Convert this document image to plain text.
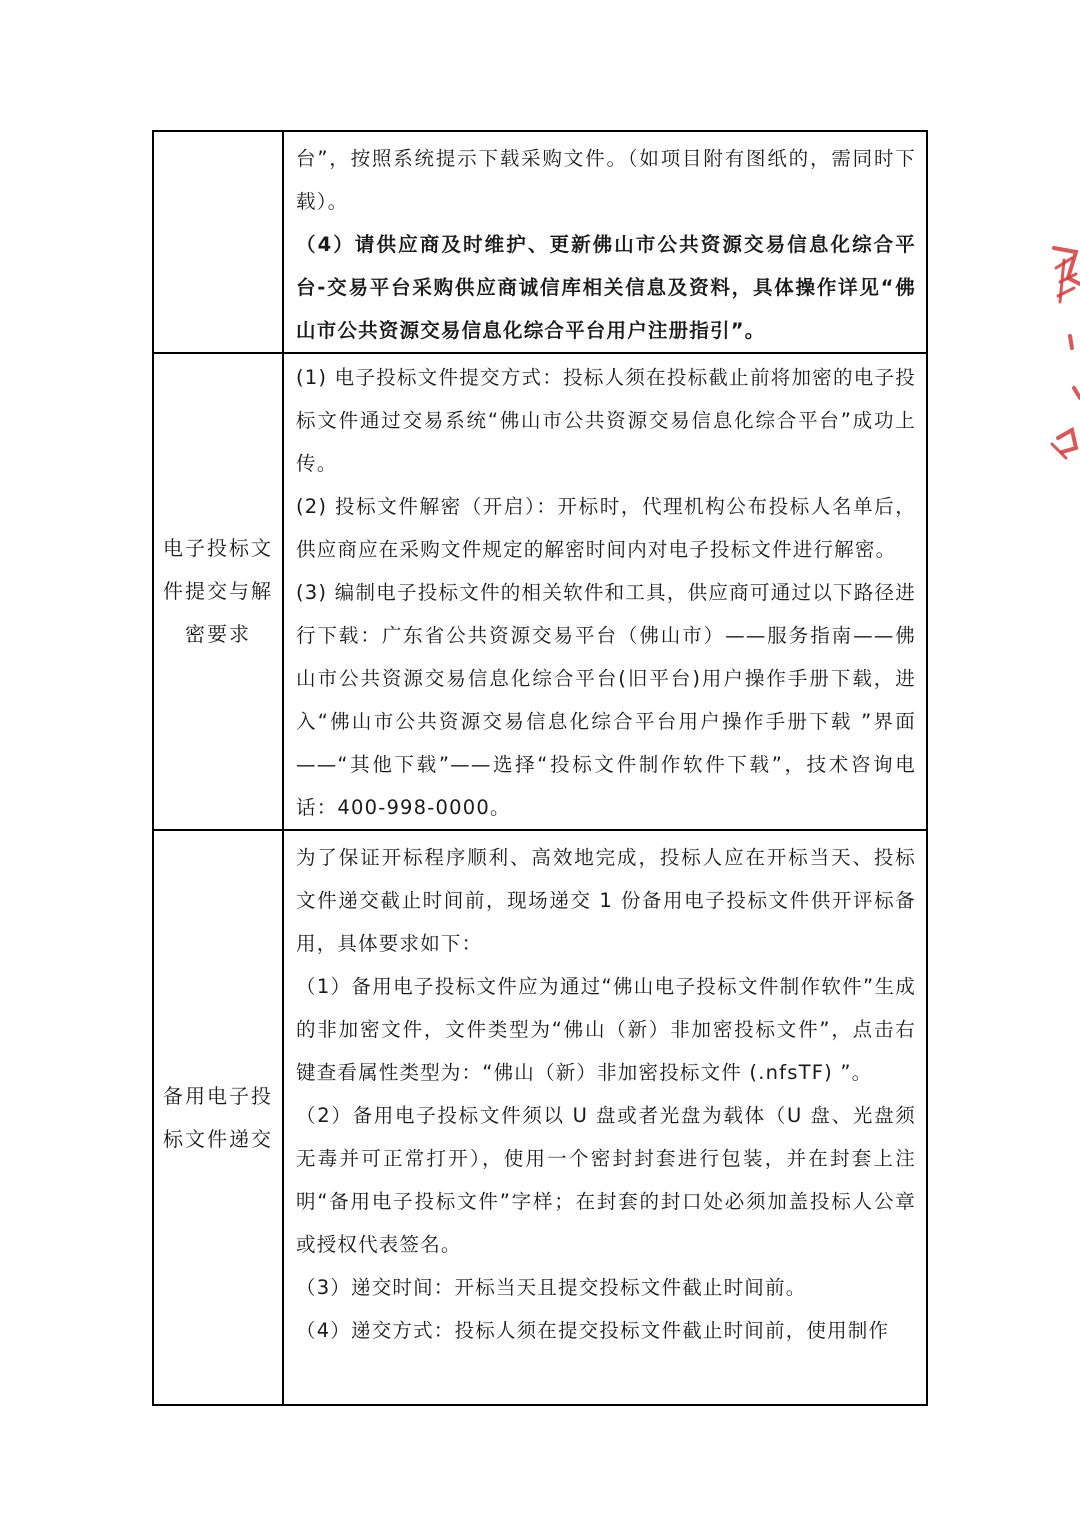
	台”，按照系统提示下载采购文件。（如项目附有图纸的，需同时下载）。

（4）请供应商及时维护、更新佛山市公共资源交易信息化综合平台-交易平台采购供应商诚信库相关信息及资料，具体操作详见“佛山市公共资源交易信息化综合平台用户注册指引”。

电子投标文件提交与解密要求	(1) 电子投标文件提交方式：投标人须在投标截止前将加密的电子投标文件通过交易系统“佛山市公共资源交易信息化综合平台”成功上传。

(2) 投标文件解密（开启）：开标时，代理机构公布投标人名单后，供应商应在采购文件规定的解密时间内对电子投标文件进行解密。

(3) 编制电子投标文件的相关软件和工具，供应商可通过以下路径进行下载：广东省公共资源交易平台（佛山市）——服务指南——佛山市公共资源交易信息化综合平台(旧平台)用户操作手册下载，进入“佛山市公共资源交易信息化综合平台用户操作手册下载 ”界面——“其他下载”——选择“投标文件制作软件下载”，技术咨询电话：400-998-0000。

备用电子投标文件递交	为了保证开标程序顺利、高效地完成，投标人应在开标当天、投标文件递交截止时间前，现场递交 1 份备用电子投标文件供开评标备用，具体要求如下：

（1）备用电子投标文件应为通过“佛山电子投标文件制作软件”生成的非加密文件，文件类型为“佛山（新）非加密投标文件”，点击右键查看属性类型为：“佛山（新）非加密投标文件 (.nfsTF) ”。

（2）备用电子投标文件须以 U 盘或者光盘为载体（U 盘、光盘须无毒并可正常打开），使用一个密封封套进行包装，并在封套上注明“备用电子投标文件”字样；在封套的封口处必须加盖投标人公章或授权代表签名。

（3）递交时间：开标当天且提交投标文件截止时间前。

（4）递交方式：投标人须在提交投标文件截止时间前，使用制作
